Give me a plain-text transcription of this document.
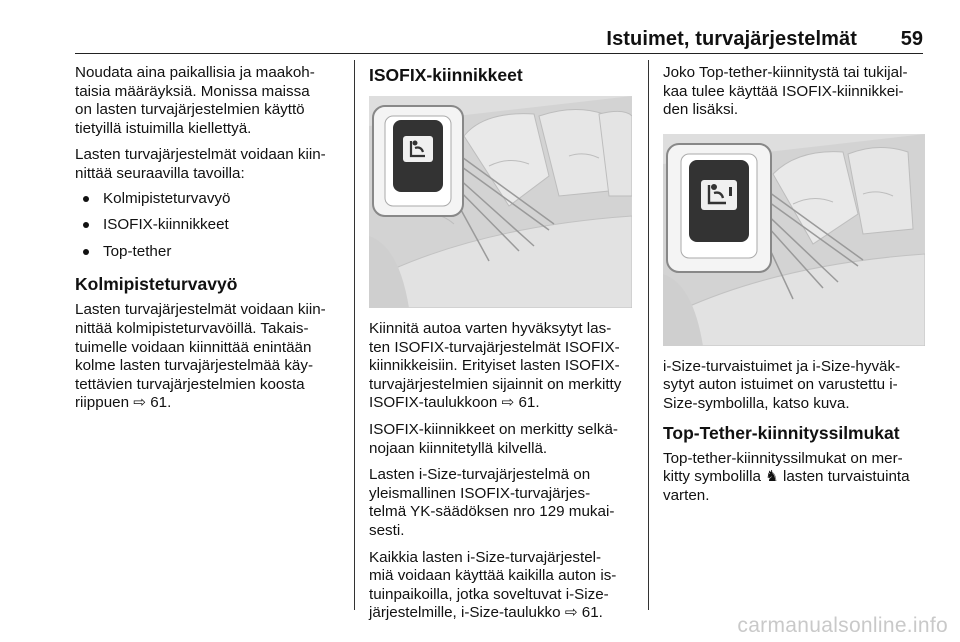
Istuimet, turvajärjestelmät 59

Noudata aina paikallisia ja maakoh-
taisia määräyksiä. Monissa maissa
on lasten turvajärjestelmien käyttö
tietyillä istuimilla kiellettyä.

Lasten turvajärjestelmät voidaan kiin-
nittää seuraavilla tavoilla:

Kolmipisteturvavyö
ISOFIX-kiinnikkeet
Top-tether
Kolmipisteturvavyö

Lasten turvajärjestelmät voidaan kiin-
nittää kolmipisteturvavöillä. Takais-
tuimelle voidaan kiinnittää enintään
kolme lasten turvajärjestelmää käy-
tettävien turvajärjestelmien koosta
riippuen ⇨ 61.

ISOFIX-kiinnikkeet

Kiinnitä autoa varten hyväksytyt las-
ten ISOFIX-turvajärjestelmät ISOFIX-
kiinnikkeisiin. Erityiset lasten ISOFIX-
turvajärjestelmien sijainnit on merkitty
ISOFIX-taulukkoon ⇨ 61.

ISOFIX-kiinnikkeet on merkitty selkä-
nojaan kiinnitetyllä kilvellä.

Lasten i-Size-turvajärjestelmä on
yleismallinen ISOFIX-turvajärjes-
telmä YK-säädöksen nro 129 mukai-
sesti.

Kaikkia lasten i-Size-turvajärjestel-
miä voidaan käyttää kaikilla auton is-
tuinpaikoilla, jotka soveltuvat i-Size-
järjestelmille, i-Size-taulukko ⇨ 61.

Joko Top-tether-kiinnitystä tai tukijal-
kaa tulee käyttää ISOFIX-kiinnikkei-
den lisäksi.

i-Size-turvaistuimet ja i-Size-hyväk-
sytyt auton istuimet on varustettu i-
Size-symbolilla, katso kuva.

Top-Tether-kiinnityssilmukat

Top-tether-kiinnityssilmukat on mer-
kitty symbolilla ♞ lasten turvaistuinta
varten.

carmanualsonline.info
